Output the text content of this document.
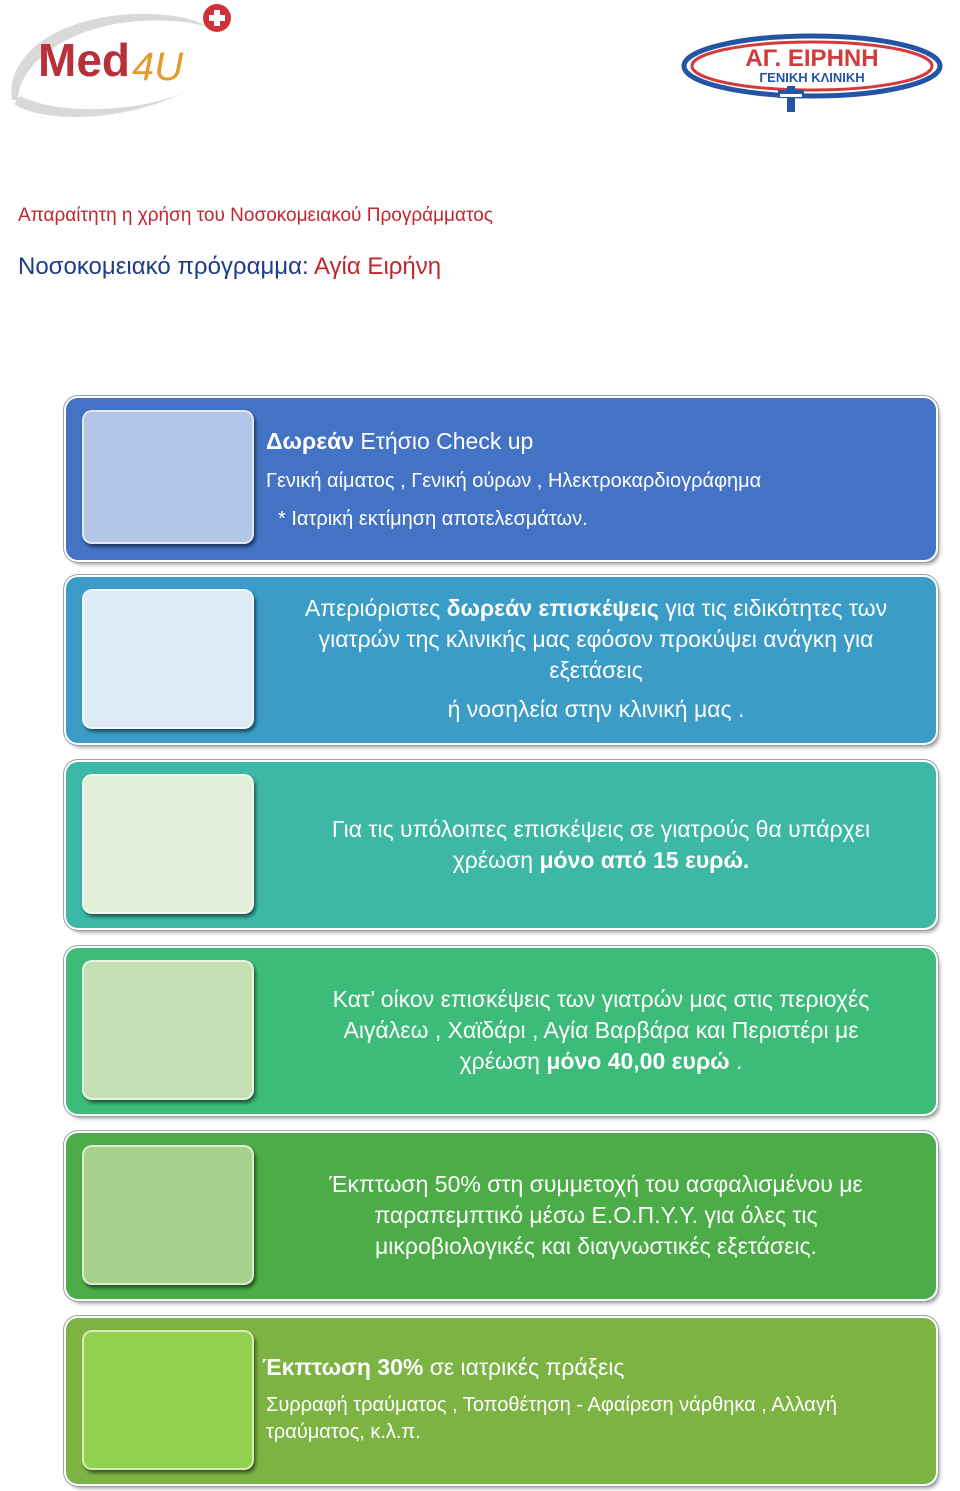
Med 4U	ΑΓ. ΕΙΡΗΝΗ
ΓΕΝΙΚΗ ΚΛΙΝΙΚΗ
Απαραίτητη η χρήση του Νοσοκομειακού Προγράμματος
Νοσοκομειακό πρόγραμμα: Αγία Ειρήνη
Δωρεάν Ετήσιο Check up
Γενική αίματος , Γενική ούρων , Ηλεκτροκαρδιογράφημα
* Ιατρική εκτίμηση αποτελεσμάτων.
Απεριόριστες δωρεάν επισκέψεις για τις ειδικότητες των
γιατρών της κλινικής μας εφόσον προκύψει ανάγκη για
εξετάσεις
ή νοσηλεία στην κλινική μας .
Για τις υπόλοιπες επισκέψεις σε γιατρούς θα υπάρχει
χρέωση μόνο από 15 ευρώ.
Κατ’ οίκον επισκέψεις των γιατρών μας στις περιοχές
Αιγάλεω , Χαϊδάρι , Αγία Βαρβάρα και Περιστέρι με
χρέωση μόνο 40,00 ευρώ .
Έκπτωση 50% στη συμμετοχή του ασφαλισμένου με
παραπεμπτικό μέσω Ε.Ο.Π.Υ.Υ. για όλες τις
μικροβιολογικές και διαγνωστικές εξετάσεις.
Έκπτωση 30% σε ιατρικές πράξεις
Συρραφή τραύματος , Τοποθέτηση - Αφαίρεση νάρθηκα , Αλλαγή
τραύματος, κ.λ.π.
